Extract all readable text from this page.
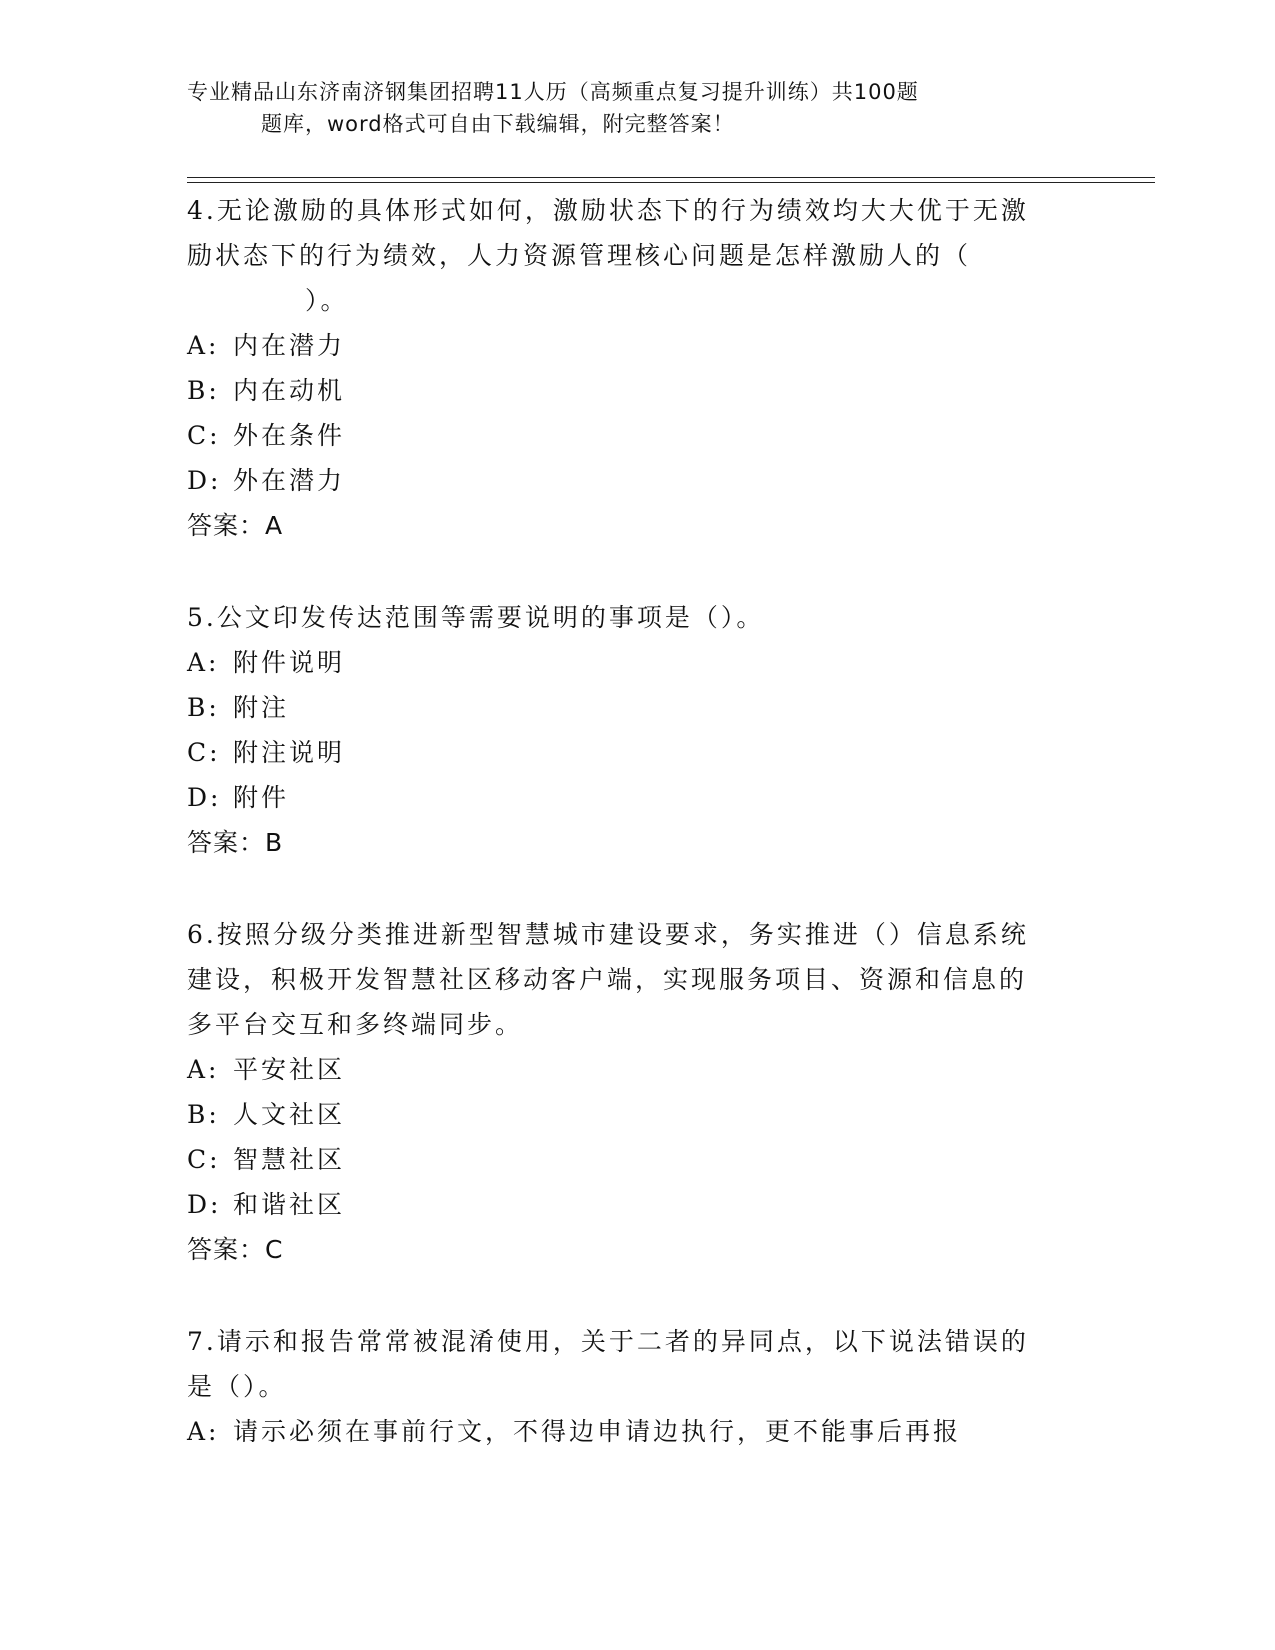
专业精品山东济南济钢集团招聘11人历（高频重点复习提升训练）共100题
题库，word格式可自由下载编辑，附完整答案！
4.无论激励的具体形式如何，激励状态下的行为绩效均大大优于无激
励状态下的行为绩效，人力资源管理核心问题是怎样激励人的（
）。
A: 内在潜力
B: 内在动机
C: 外在条件
D: 外在潜力
答案：A
5.公文印发传达范围等需要说明的事项是（）。
A: 附件说明
B: 附注
C: 附注说明
D: 附件
答案：B
6.按照分级分类推进新型智慧城市建设要求，务实推进（）信息系统
建设，积极开发智慧社区移动客户端，实现服务项目、资源和信息的
多平台交互和多终端同步。
A: 平安社区
B: 人文社区
C: 智慧社区
D: 和谐社区
答案：C
7.请示和报告常常被混淆使用，关于二者的异同点，以下说法错误的
是（）。
A: 请示必须在事前行文，不得边申请边执行，更不能事后再报
